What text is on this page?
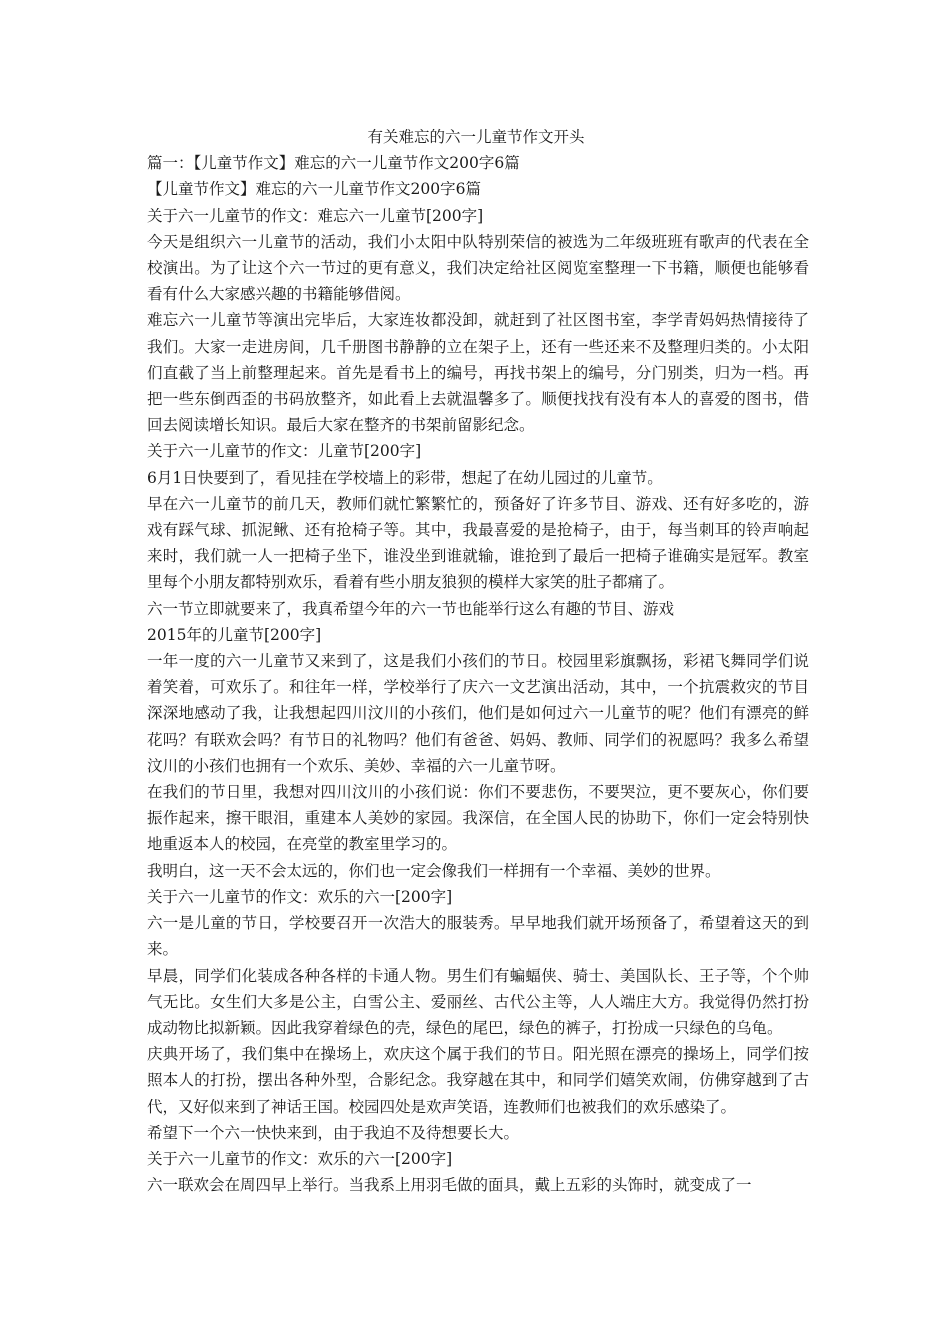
有关难忘的六一儿童节作文开头

篇一：【儿童节作文】难忘的六一儿童节作文200字6篇

【儿童节作文】难忘的六一儿童节作文200字6篇

关于六一儿童节的作文：难忘六一儿童节[200字]

今天是组织六一儿童节的活动，我们小太阳中队特别荣信的被选为二年级班班有歌声的代表在全校演出。为了让这个六一节过的更有意义，我们决定给社区阅览室整理一下书籍，顺便也能够看看有什么大家感兴趣的书籍能够借阅。

难忘六一儿童节等演出完毕后，大家连妆都没卸，就赶到了社区图书室，李学青妈妈热情接待了我们。大家一走进房间，几千册图书静静的立在架子上，还有一些还来不及整理归类的。小太阳们直截了当上前整理起来。首先是看书上的编号，再找书架上的编号，分门别类，归为一档。再把一些东倒西歪的书码放整齐，如此看上去就温馨多了。顺便找找有没有本人的喜爱的图书，借回去阅读增长知识。最后大家在整齐的书架前留影纪念。

关于六一儿童节的作文：儿童节[200字]

6月1日快要到了，看见挂在学校墙上的彩带，想起了在幼儿园过的儿童节。

早在六一儿童节的前几天，教师们就忙繁繁忙的，预备好了许多节目、游戏、还有好多吃的，游戏有踩气球、抓泥鳅、还有抢椅子等。其中，我最喜爱的是抢椅子，由于，每当刺耳的铃声响起来时，我们就一人一把椅子坐下，谁没坐到谁就输，谁抢到了最后一把椅子谁确实是冠军。教室里每个小朋友都特别欢乐，看着有些小朋友狼狈的模样大家笑的肚子都痛了。

六一节立即就要来了，我真希望今年的六一节也能举行这么有趣的节目、游戏

2015年的儿童节[200字]

一年一度的六一儿童节又来到了，这是我们小孩们的节日。校园里彩旗飘扬，彩裙飞舞同学们说着笑着，可欢乐了。和往年一样，学校举行了庆六一文艺演出活动，其中，一个抗震救灾的节目深深地感动了我，让我想起四川汶川的小孩们，他们是如何过六一儿童节的呢？他们有漂亮的鲜花吗？有联欢会吗？有节日的礼物吗？他们有爸爸、妈妈、教师、同学们的祝愿吗？我多么希望汶川的小孩们也拥有一个欢乐、美妙、幸福的六一儿童节呀。

在我们的节日里，我想对四川汶川的小孩们说：你们不要悲伤，不要哭泣，更不要灰心，你们要振作起来，擦干眼泪，重建本人美妙的家园。我深信，在全国人民的协助下，你们一定会特别快地重返本人的校园，在亮堂的教室里学习的。

我明白，这一天不会太远的，你们也一定会像我们一样拥有一个幸福、美妙的世界。

关于六一儿童节的作文：欢乐的六一[200字]

六一是儿童的节日，学校要召开一次浩大的服装秀。早早地我们就开场预备了，希望着这天的到来。

早晨，同学们化装成各种各样的卡通人物。男生们有蝙蝠侠、骑士、美国队长、王子等，个个帅气无比。女生们大多是公主，白雪公主、爱丽丝、古代公主等，人人端庄大方。我觉得仍然打扮成动物比拟新颖。因此我穿着绿色的壳，绿色的尾巴，绿色的裤子，打扮成一只绿色的乌龟。

庆典开场了，我们集中在操场上，欢庆这个属于我们的节日。阳光照在漂亮的操场上，同学们按照本人的打扮，摆出各种外型，合影纪念。我穿越在其中，和同学们嬉笑欢闹，仿佛穿越到了古代，又好似来到了神话王国。校园四处是欢声笑语，连教师们也被我们的欢乐感染了。

希望下一个六一快快来到，由于我迫不及待想要长大。

关于六一儿童节的作文：欢乐的六一[200字]

六一联欢会在周四早上举行。当我系上用羽毛做的面具，戴上五彩的头饰时，就变成了一
